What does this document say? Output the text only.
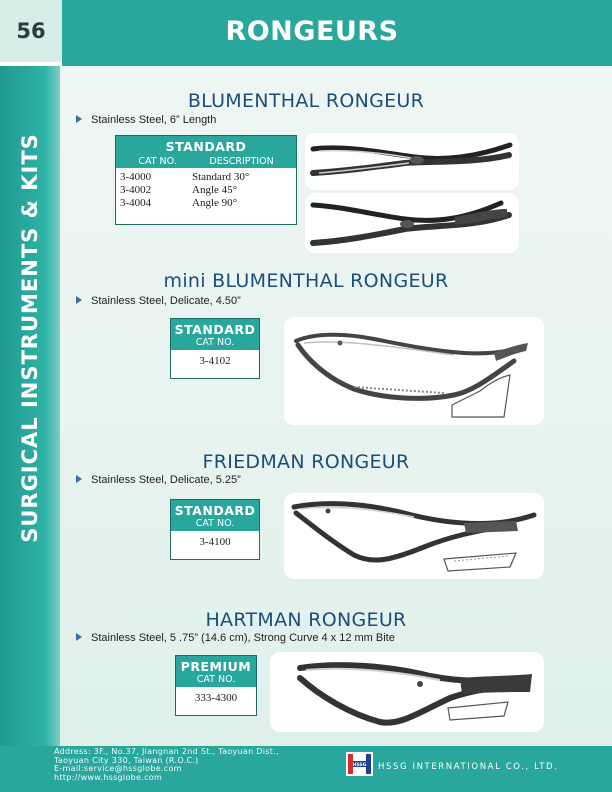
56	RONGEURS
SURGICAL INSTRUMENTS & KITS
BLUMENTHAL RONGEUR
Stainless Steel, 6” Length
STANDARD
CAT NO.	DESCRIPTION
3-4000	Standard 30°
3-4002	Angle 45°
3-4004	Angle 90°
mini BLUMENTHAL RONGEUR
Stainless Steel, Delicate, 4.50”
STANDARD
CAT NO.
3-4102
FRIEDMAN RONGEUR
Stainless Steel, Delicate, 5.25”
STANDARD
CAT NO.
3-4100
HARTMAN RONGEUR
Stainless Steel, 5 .75” (14.6 cm), Strong Curve 4 x 12 mm Bite
PREMIUM
CAT NO.
333-4300
Address: 3F., No.37, Jiangnan 2nd St., Taoyuan Dist.,
Taoyuan City 330, Taiwan (R.O.C.)
E-mail:service@hssglobe.com
http://www.hssglobe.com
HSSG HSSG INTERNATIONAL CO., LTD.
